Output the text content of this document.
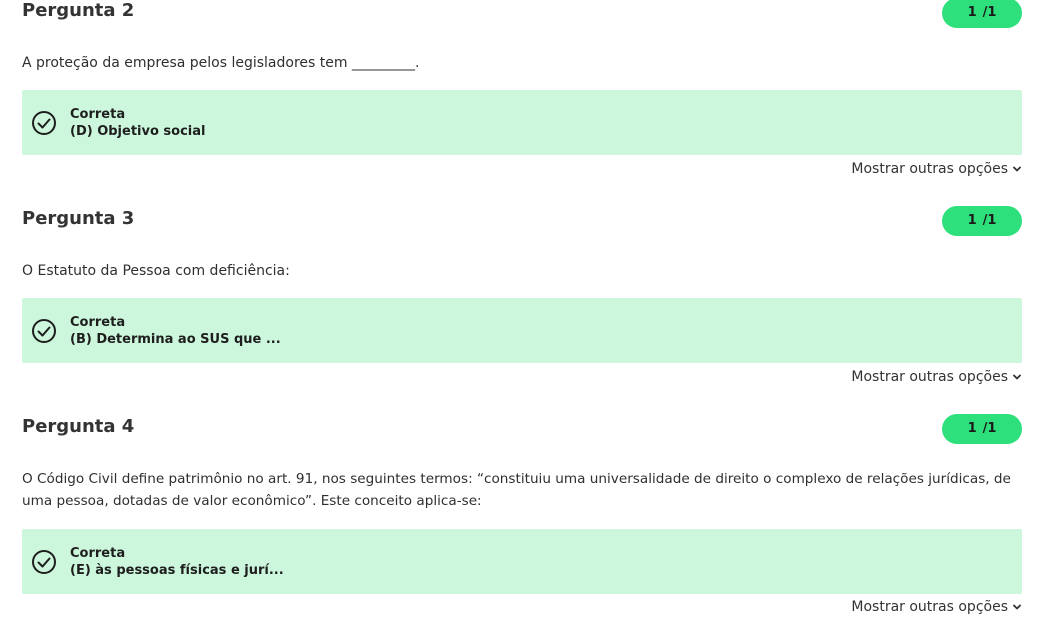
Pergunta 2	1 /1
A proteção da empresa pelos legisladores tem _________.
Correta
(D) Objetivo social
Mostrar outras opções
Pergunta 3	1 /1
O Estatuto da Pessoa com deficiência:
Correta
(B) Determina ao SUS que ...
Mostrar outras opções
Pergunta 4	1 /1
O Código Civil define patrimônio no art. 91, nos seguintes termos: “constituiu uma universalidade de direito o complexo de relações jurídicas, de uma pessoa, dotadas de valor econômico”. Este conceito aplica-se:
Correta
(E) às pessoas físicas e jurí...
Mostrar outras opções
